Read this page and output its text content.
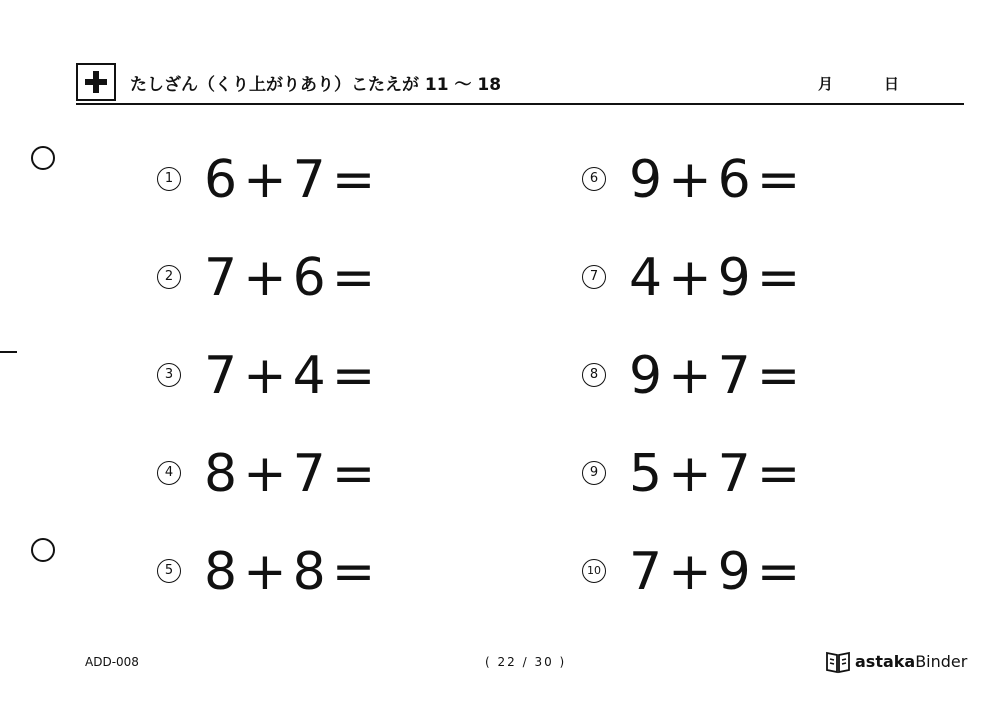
たしざん（くり上がりあり）こたえが 11 ～ 18	月	日
1 6 + 7 =
2 7 + 6 =
3 7 + 4 =
4 8 + 7 =
5 8 + 8 =
6 9 + 6 =
7 4 + 9 =
8 9 + 7 =
9 5 + 7 =
10 7 + 9 =
ADD-008	( 22 / 30 )	astakaBinder
